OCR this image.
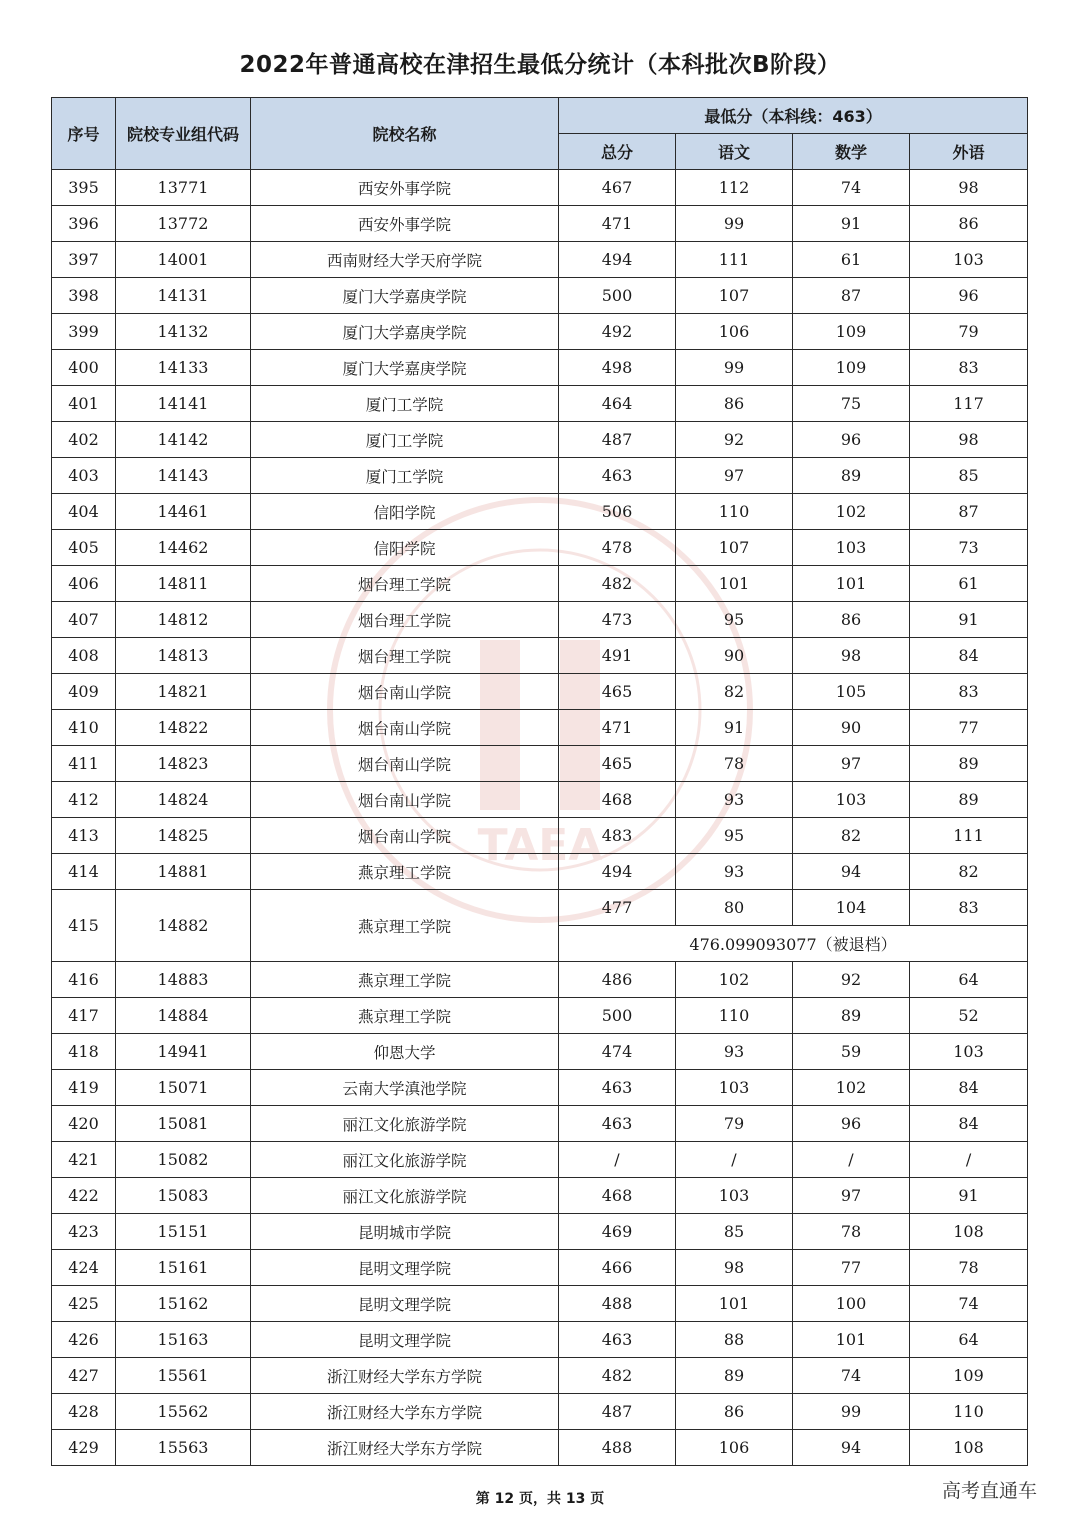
2022年普通高校在津招生最低分统计（本科批次B阶段）
TAEA
序号	院校专业组代码	院校名称	最低分（本科线：463）			
			总分	语文	数学	外语
395	13771	西安外事学院	467	112	74	98
396	13772	西安外事学院	471	99	91	86
397	14001	西南财经大学天府学院	494	111	61	103
398	14131	厦门大学嘉庚学院	500	107	87	96
399	14132	厦门大学嘉庚学院	492	106	109	79
400	14133	厦门大学嘉庚学院	498	99	109	83
401	14141	厦门工学院	464	86	75	117
402	14142	厦门工学院	487	92	96	98
403	14143	厦门工学院	463	97	89	85
404	14461	信阳学院	506	110	102	87
405	14462	信阳学院	478	107	103	73
406	14811	烟台理工学院	482	101	101	61
407	14812	烟台理工学院	473	95	86	91
408	14813	烟台理工学院	491	90	98	84
409	14821	烟台南山学院	465	82	105	83
410	14822	烟台南山学院	471	91	90	77
411	14823	烟台南山学院	465	78	97	89
412	14824	烟台南山学院	468	93	103	89
413	14825	烟台南山学院	483	95	82	111
414	14881	燕京理工学院	494	93	94	82
415	14882	燕京理工学院	477	80	104	83
			476.099093077（被退档）			
416	14883	燕京理工学院	486	102	92	64
417	14884	燕京理工学院	500	110	89	52
418	14941	仰恩大学	474	93	59	103
419	15071	云南大学滇池学院	463	103	102	84
420	15081	丽江文化旅游学院	463	79	96	84
421	15082	丽江文化旅游学院	/	/	/	/
422	15083	丽江文化旅游学院	468	103	97	91
423	15151	昆明城市学院	469	85	78	108
424	15161	昆明文理学院	466	98	77	78
425	15162	昆明文理学院	488	101	100	74
426	15163	昆明文理学院	463	88	101	64
427	15561	浙江财经大学东方学院	482	89	74	109
428	15562	浙江财经大学东方学院	487	86	99	110
429	15563	浙江财经大学东方学院	488	106	94	108
第 12 页，共 13 页	高考直通车
